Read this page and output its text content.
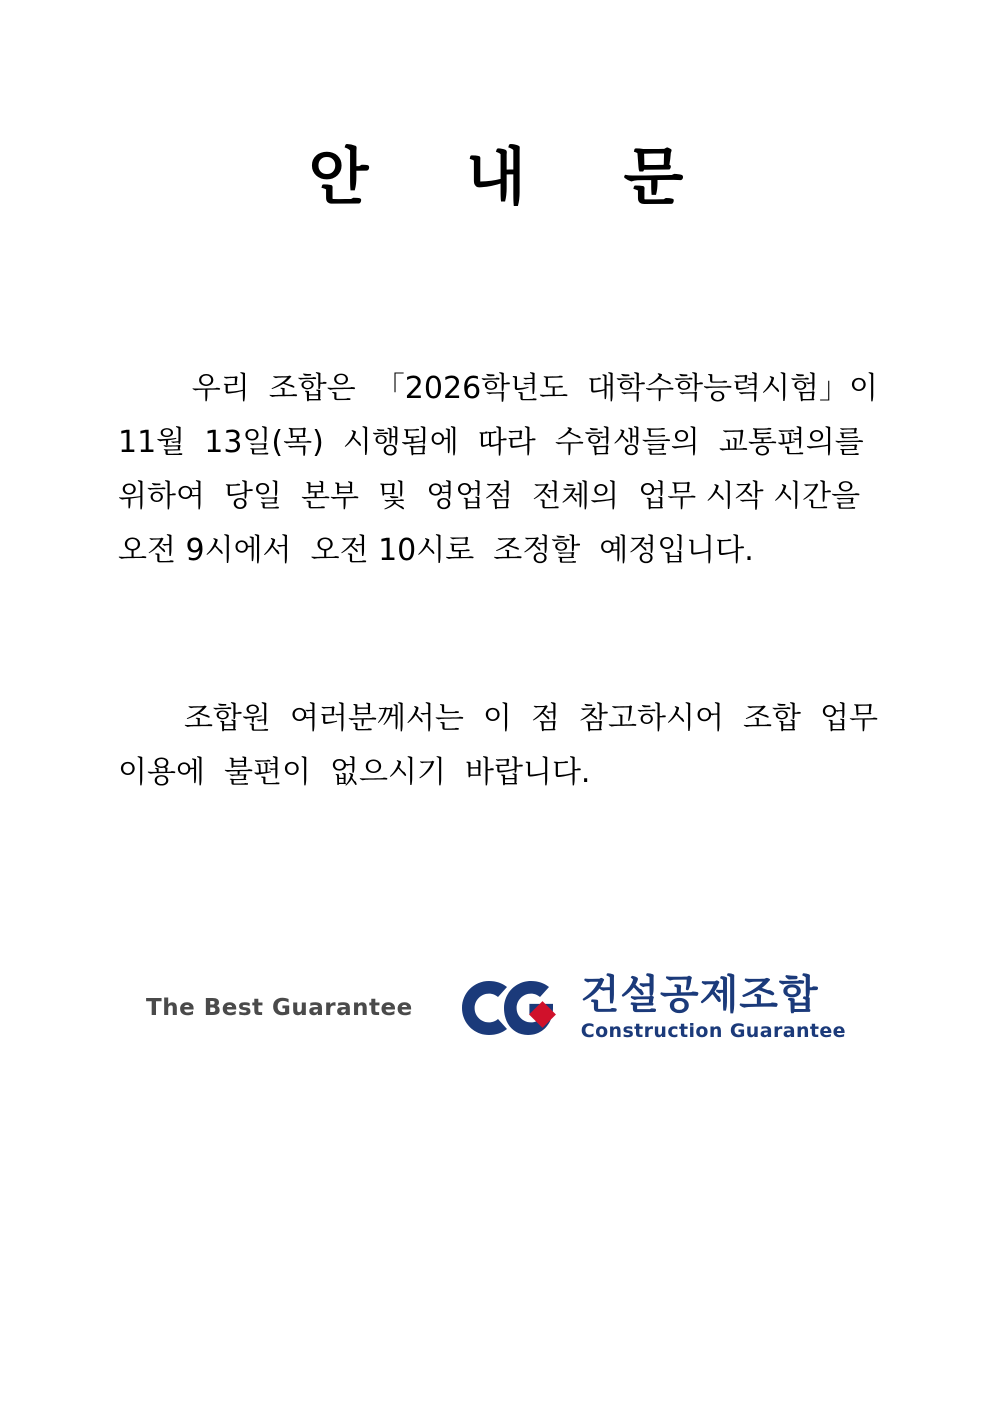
안 내 문
우리  조합은  「2026학년도  대학수학능력시험」이
11월  13일(목)  시행됨에  따라  수험생들의  교통편의를
위하여  당일  본부  및  영업점  전체의  업무 시작 시간을
오전 9시에서  오전 10시로  조정할  예정입니다.
조합원  여러분께서는  이  점  참고하시어  조합  업무
이용에  불편이  없으시기  바랍니다.
The Best Guarantee	건설공제조합
Construction Guarantee
